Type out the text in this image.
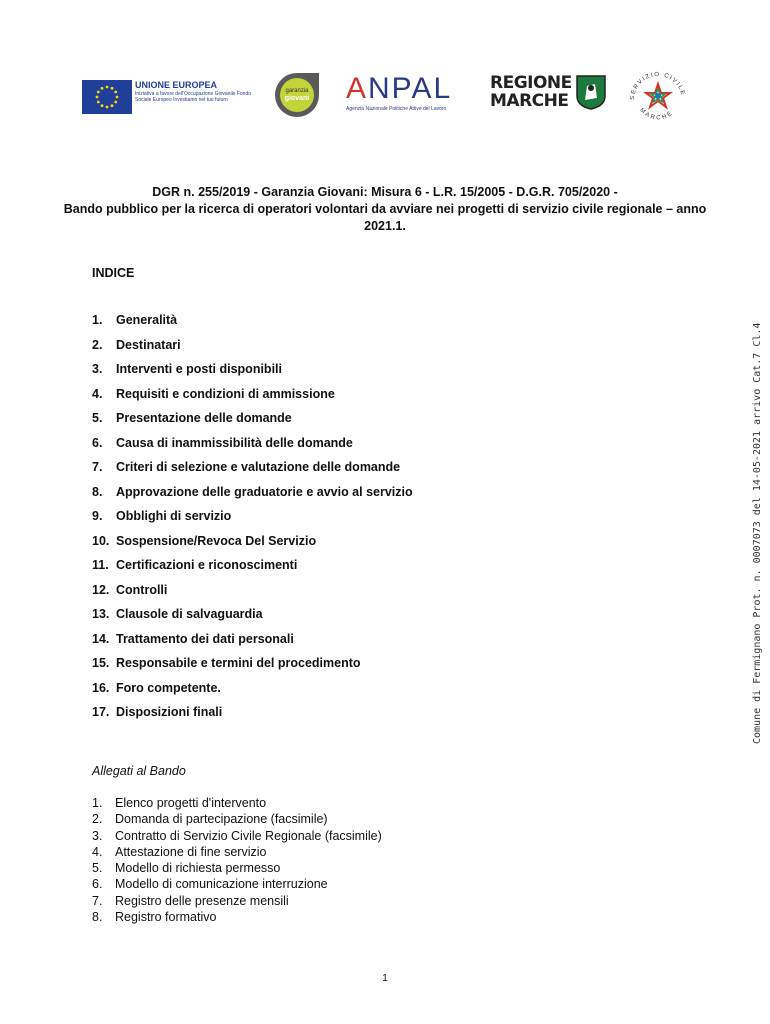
UNIONE EUROPEA
Iniziativa a favore dell'Occupazione Giovanile Fondo Sociale Europeo Investiamo nel tuo futuro
garanzia
giovani ANPAL
Agenzia Nazionale Politiche Attive del Lavoro
REGIONE
MARCHE	SERVIZIO CIVILE
MARCHE
DGR n. 255/2019 - Garanzia Giovani: Misura 6 - L.R. 15/2005 - D.G.R. 705/2020 -
Bando pubblico per la ricerca di operatori volontari da avviare nei progetti di servizio civile regionale – anno
2021.1.
INDICE
1.	Generalità
2.	Destinatari
3.	Interventi e posti disponibili
4.	Requisiti e condizioni di ammissione
5.	Presentazione delle domande
6.	Causa di inammissibilità delle domande
7.	Criteri di selezione e valutazione delle domande
8.	Approvazione delle graduatorie e avvio al servizio
9.	Obblighi di servizio
10. Sospensione/Revoca Del Servizio
11. Certificazioni e riconoscimenti
12. Controlli
13. Clausole di salvaguardia
14. Trattamento dei dati personali
15. Responsabile e termini del procedimento
16. Foro competente.
17. Disposizioni finali
Allegati al Bando
1.	Elenco progetti d'intervento
2.	Domanda di partecipazione (facsimile)
3.	Contratto di Servizio Civile Regionale (facsimile)
4.	Attestazione di fine servizio
5.	Modello di richiesta permesso
6.	Modello di comunicazione interruzione
7.	Registro delle presenze mensili
8.	Registro formativo
Comune di Fermignano Prot. n. 0007073 del 14-05-2021 arrivo Cat.7 Cl.4
1
